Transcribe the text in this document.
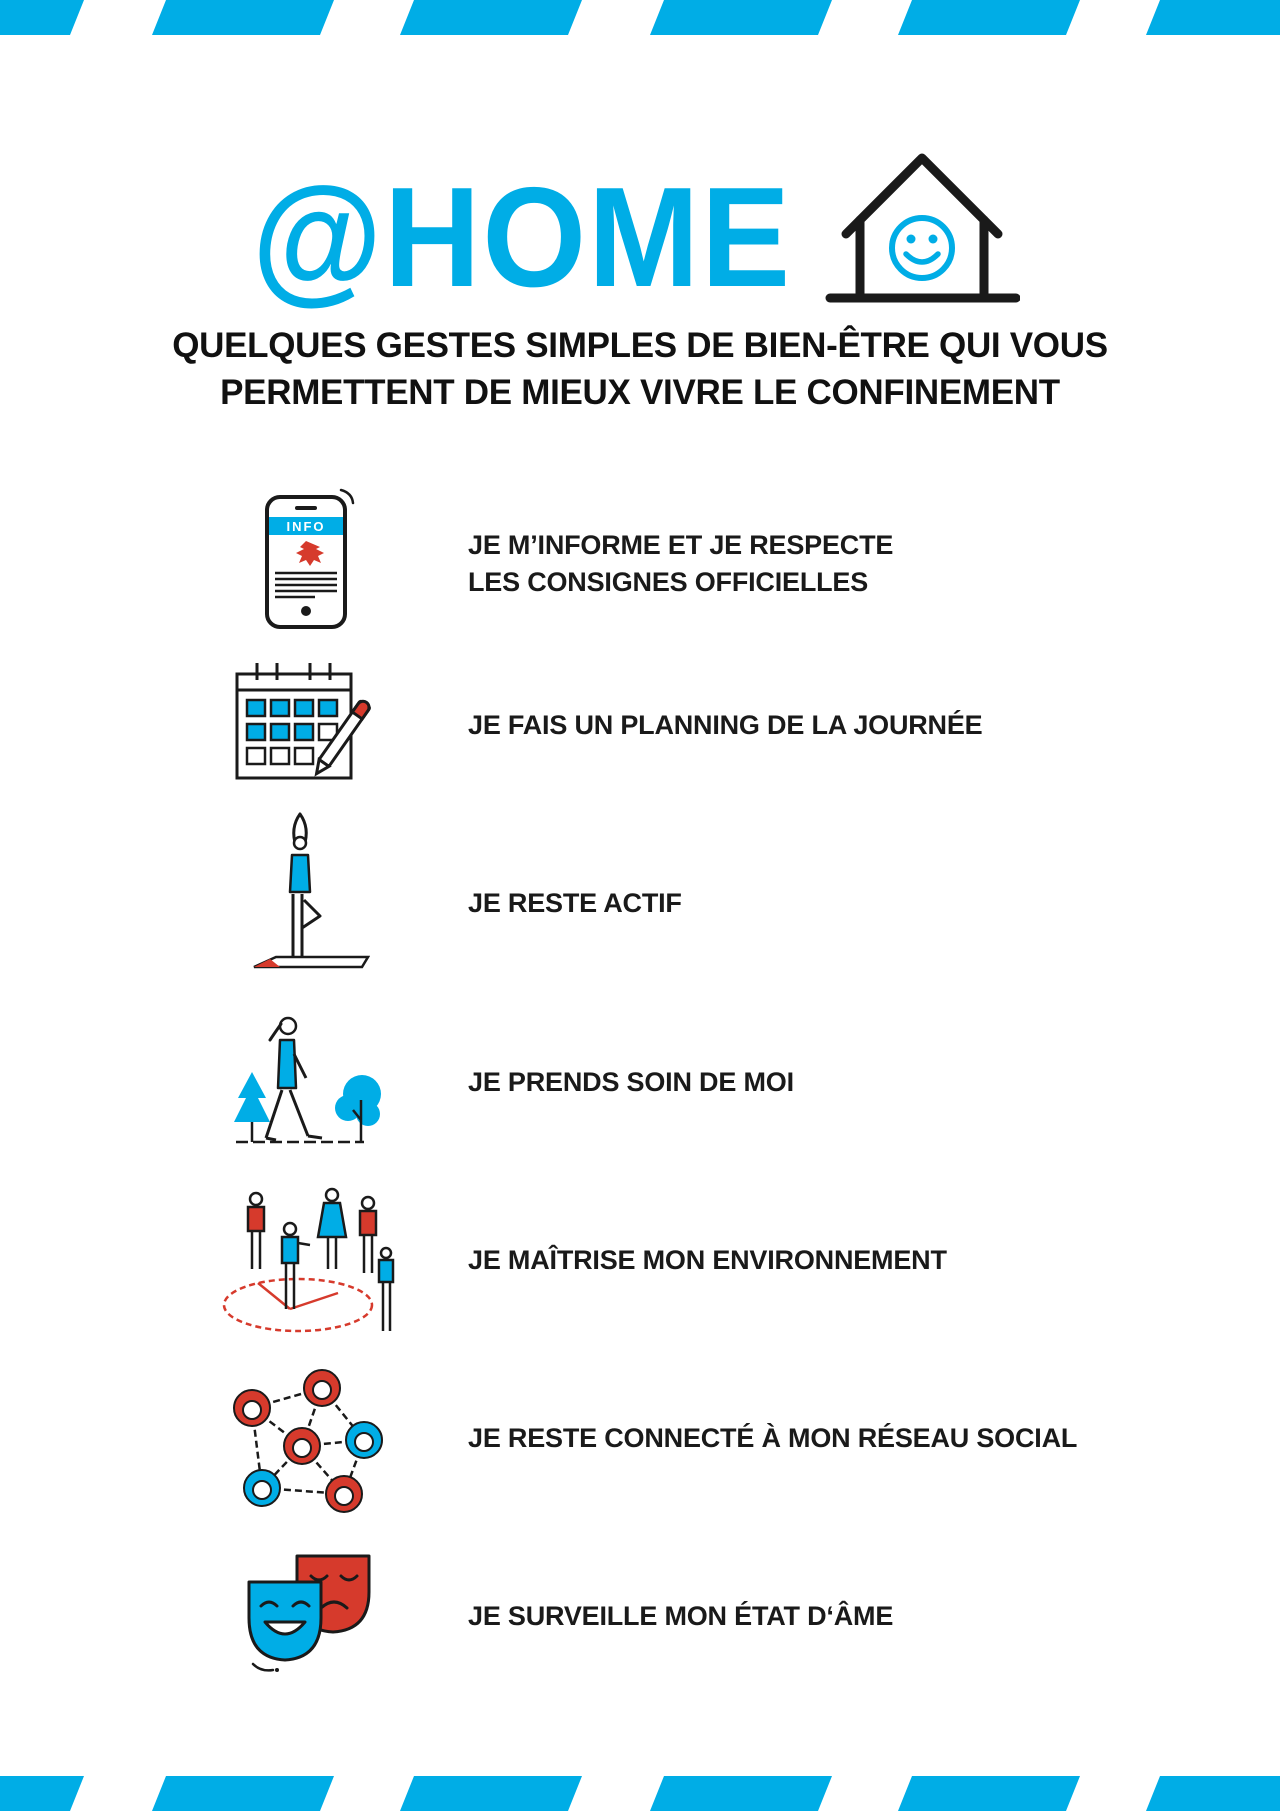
@HOME
QUELQUES GESTES SIMPLES DE BIEN-ÊTRE QUI VOUS
PERMETTENT DE MIEUX VIVRE LE CONFINEMENT
INFO
JE M’INFORME ET JE RESPECTE
LES CONSIGNES OFFICIELLES
JE FAIS UN PLANNING DE LA JOURNÉE
JE RESTE ACTIF
JE PRENDS SOIN DE MOI
JE MAÎTRISE MON ENVIRONNEMENT
JE RESTE CONNECTÉ À MON RÉSEAU SOCIAL
JE SURVEILLE MON ÉTAT D‘ÂME
